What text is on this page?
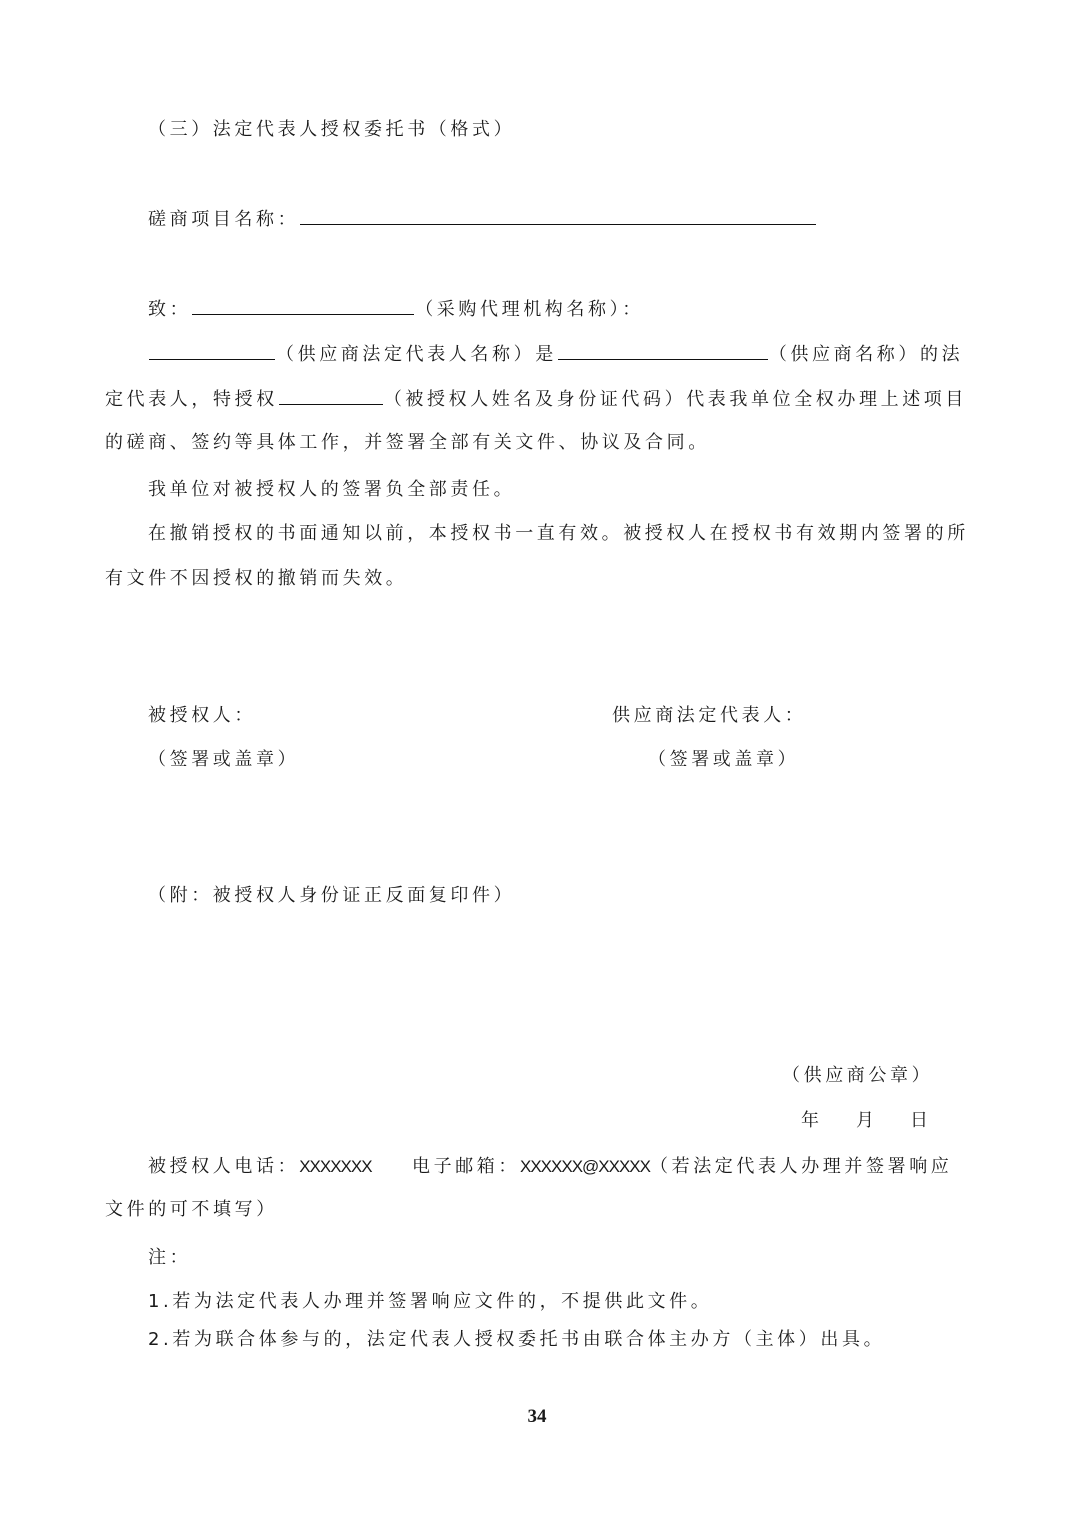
（三）法定代表人授权委托书（格式）
磋商项目名称：
致：	（采购代理机构名称）：
（供应商法定代表人名称）是	（供应商名称）的法
定代表人，特授权	（被授权人姓名及身份证代码）代表我单位全权办理上述项目
的磋商、签约等具体工作，并签署全部有关文件、协议及合同。
我单位对被授权人的签署负全部责任。
在撤销授权的书面通知以前，本授权书一直有效。被授权人在授权书有效期内签署的所
有文件不因授权的撤销而失效。
被授权人：	供应商法定代表人：
（签署或盖章）	（签署或盖章）
（附：被授权人身份证正反面复印件）
（供应商公章）
年 月 日
被授权人电话：XXXXXXX 电子邮箱：XXXXXX@XXXXX（若法定代表人办理并签署响应
文件的可不填写）
注：
1.若为法定代表人办理并签署响应文件的，不提供此文件。
2.若为联合体参与的，法定代表人授权委托书由联合体主办方（主体）出具。
34
